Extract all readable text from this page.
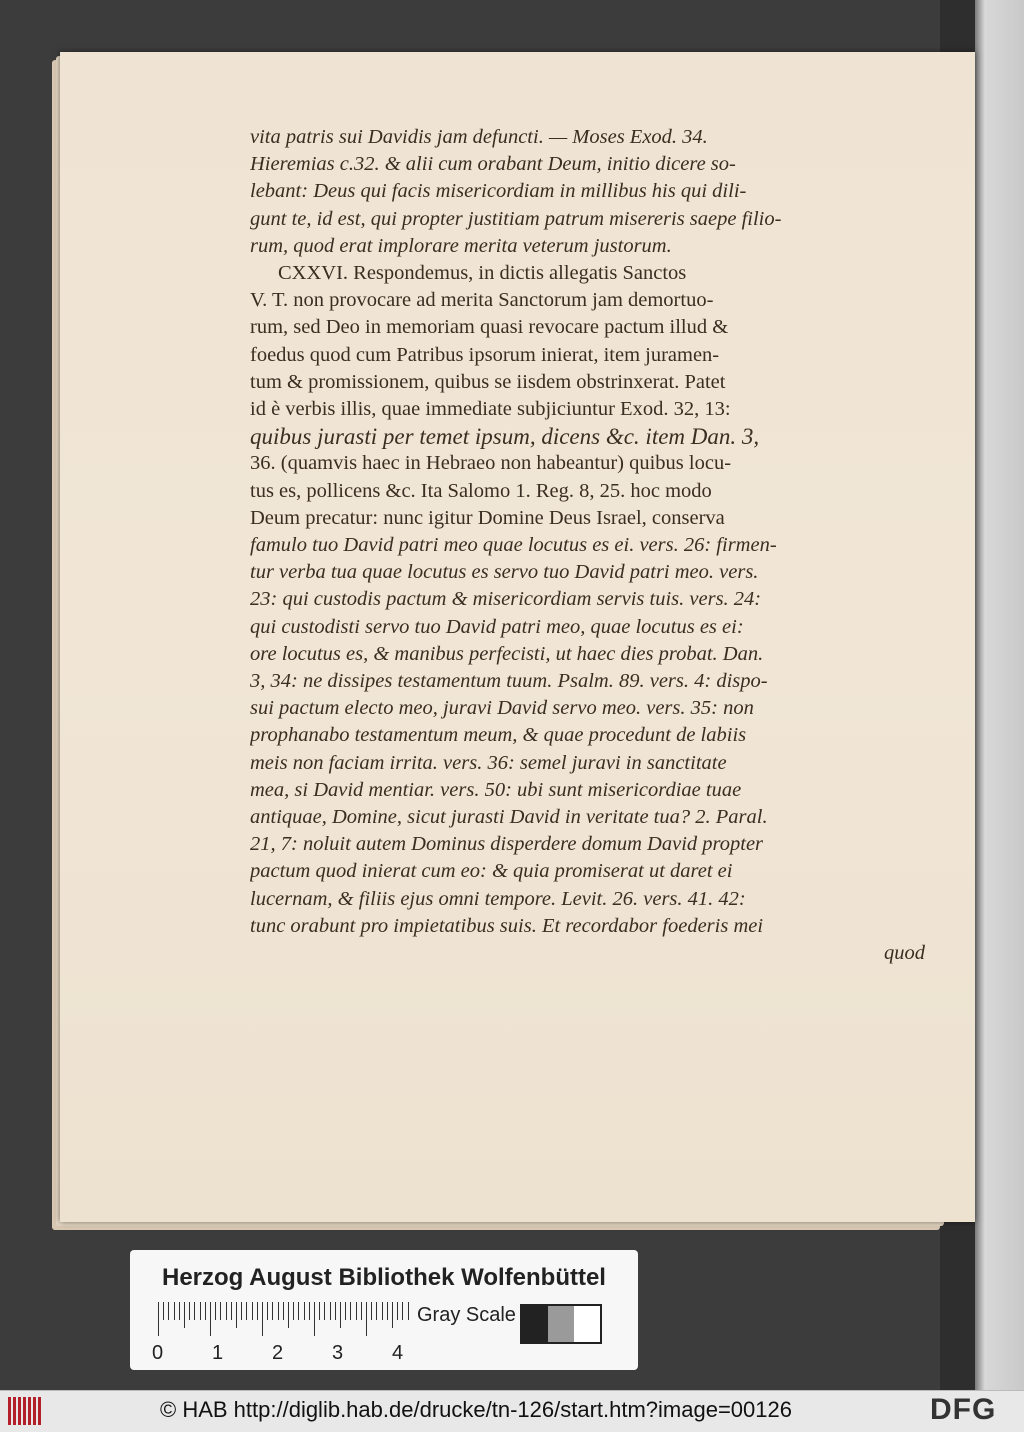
vita patris sui Davidis jam defuncti. — Moses Exod. 34.

Hieremias c.32. & alii cum orabant Deum, initio dicere so-

lebant: Deus qui facis misericordiam in millibus his qui dili-

gunt te, id est, qui propter justitiam patrum misereris saepe filio-

rum, quod erat implorare merita veterum justorum.

CXXVI. Respondemus, in dictis allegatis Sanctos

V. T. non provocare ad merita Sanctorum jam demortuo-

rum, sed Deo in memoriam quasi revocare pactum illud &

foedus quod cum Patribus ipsorum inierat, item juramen-

tum & promissionem, quibus se iisdem obstrinxerat. Patet

id è verbis illis, quae immediate subjiciuntur Exod. 32, 13:

quibus jurasti per temet ipsum, dicens &c. item Dan. 3,

36. (quamvis haec in Hebraeo non habeantur) quibus locu-

tus es, pollicens &c. Ita Salomo 1. Reg. 8, 25. hoc modo

Deum precatur: nunc igitur Domine Deus Israel, conserva

famulo tuo David patri meo quae locutus es ei. vers. 26: firmen-

tur verba tua quae locutus es servo tuo David patri meo. vers.

23: qui custodis pactum & misericordiam servis tuis. vers. 24:

qui custodisti servo tuo David patri meo, quae locutus es ei:

ore locutus es, & manibus perfecisti, ut haec dies probat. Dan.

3, 34: ne dissipes testamentum tuum. Psalm. 89. vers. 4: dispo-

sui pactum electo meo, juravi David servo meo. vers. 35: non

prophanabo testamentum meum, & quae procedunt de labiis

meis non faciam irrita. vers. 36: semel juravi in sanctitate

mea, si David mentiar. vers. 50: ubi sunt misericordiae tuae

antiquae, Domine, sicut jurasti David in veritate tua? 2. Paral.

21, 7: noluit autem Dominus disperdere domum David propter

pactum quod inierat cum eo: & quia promiserat ut daret ei

lucernam, & filiis ejus omni tempore. Levit. 26. vers. 41. 42:

tunc orabunt pro impietatibus suis. Et recordabor foederis mei

quod

Herzog August Bibliothek Wolfenbüttel
0 1 2 3 4
Gray Scale
© HAB http://diglib.hab.de/drucke/tn-126/start.htm?image=00126	DFG
